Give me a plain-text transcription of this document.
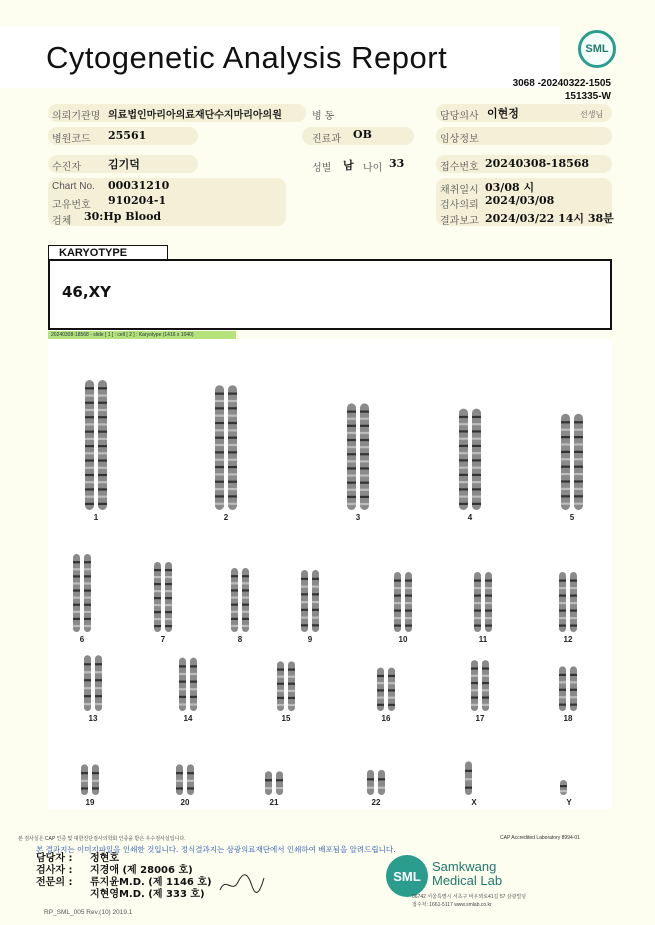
Cytogenetic Analysis Report	SML
3068 -20240322-1505
151335-W
의뢰기관명 의료법인마리아의료재단수지마리아의원	병 동	담당의사 이현정	선생님
병원코드 25561	진료과 OB	임상정보
수진자 김기덕	성별 남 나이 33	접수번호 20240308-18568
Chart No. 00031210
고유번호 910204-1
검체 30:Hp Blood
채취일시 03/08 시
검사의뢰 2024/03/08
결과보고 2024/03/22 14시 38분
KARYOTYPE
46,XY
20240308-18568 - slide [ 1 ] : cell [ 2 ] : Karyotype (1416 x 1040)
1	2	3	4	5
6	7	8	9	10	11	12
13	14	15	16	17	18
19	20	21	22	X	Y
본 검사실은 CAP 인증 및 대한진단검사의학회 인증을 받은 우수검사실입니다.	CAP Accredited Laboratory 8994-01
본 결과지는 이미지파일을 인쇄한 것입니다. 정식결과지는 삼광의료재단에서 인쇄하여 배포됨을 알려드립니다.
담당자 :	정현호
검사자 :	지경애 (제 28006 호)
전문의 :	류지윤M.D. (제 1146 호)
지현영M.D. (제 333 호)
SML
Samkwang
Medical Lab
06742 서울특별시 서초구 바우뫼로41길 57 삼광빌딩
접수처: 1661-5117 www.smlab.co.kr
RP_SML_005 Rev.(10) 2019.1
